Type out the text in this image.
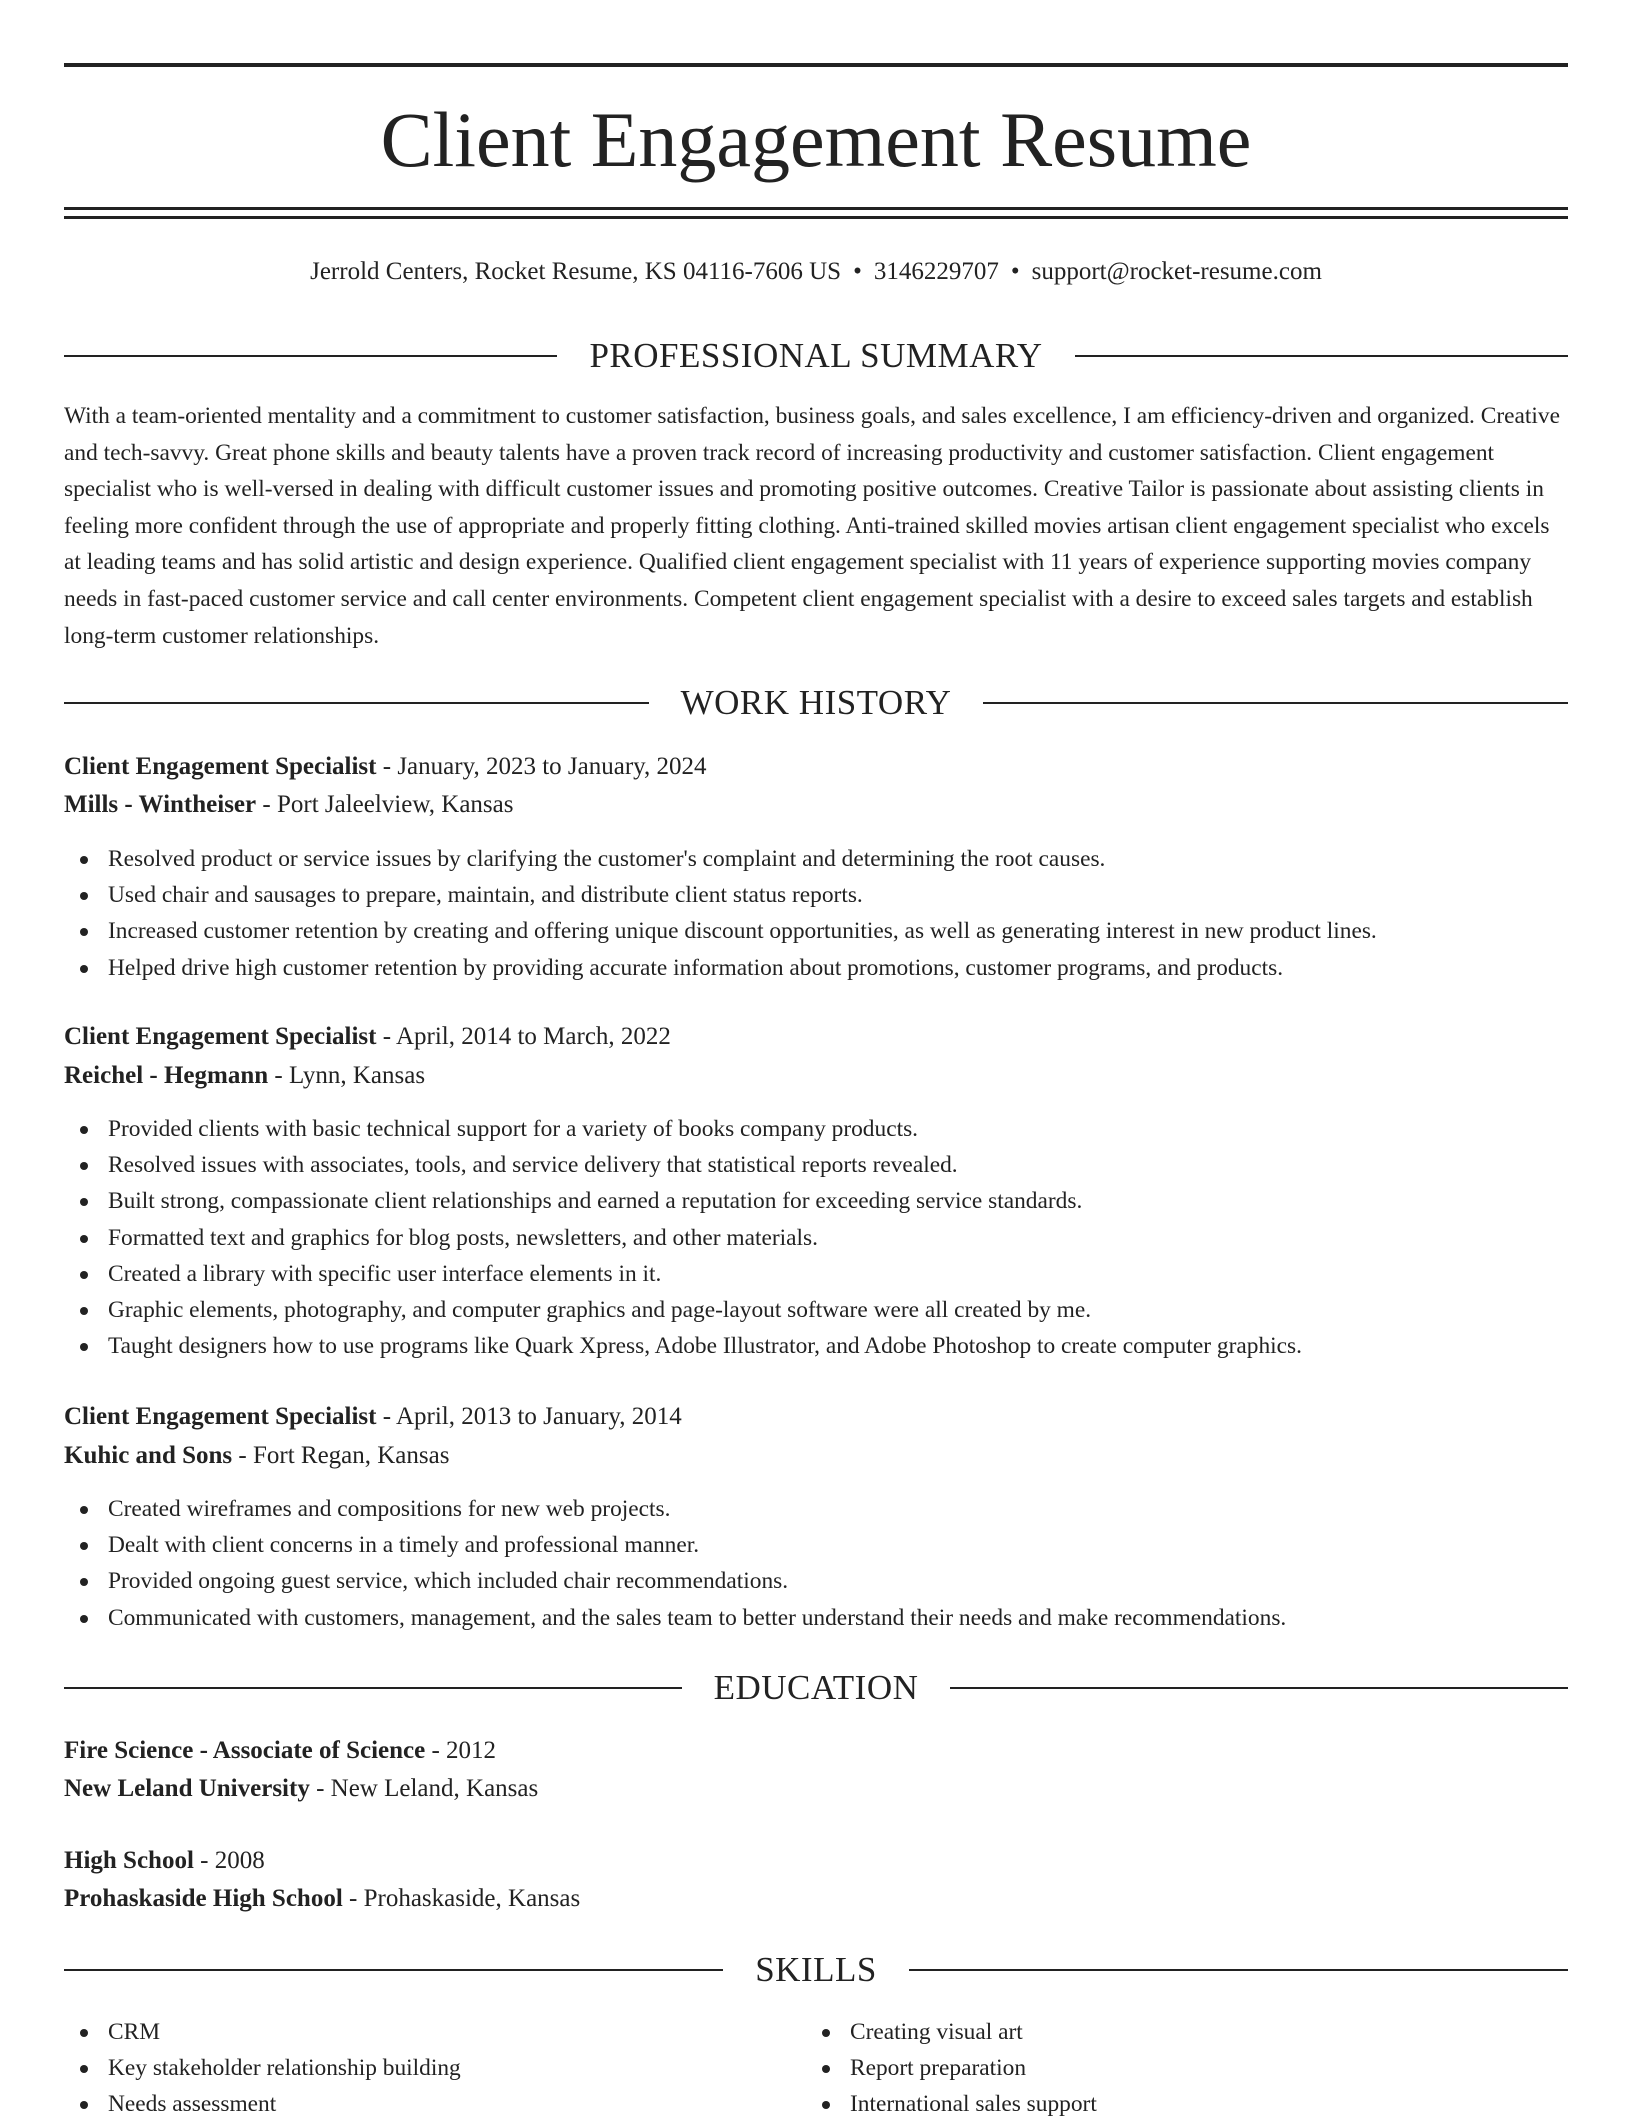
Client Engagement Resume
Jerrold Centers, Rocket Resume, KS 04116-7606 US • 3146229707 • support@rocket-resume.com
PROFESSIONAL SUMMARY

With a team-oriented mentality and a commitment to customer satisfaction, business goals, and sales excellence, I am efficiency-driven and organized. Creative and tech-savvy. Great phone skills and beauty talents have a proven track record of increasing productivity and customer satisfaction. Client engagement specialist who is well-versed in dealing with difficult customer issues and promoting positive outcomes. Creative Tailor is passionate about assisting clients in feeling more confident through the use of appropriate and properly fitting clothing. Anti-trained skilled movies artisan client engagement specialist who excels at leading teams and has solid artistic and design experience. Qualified client engagement specialist with 11 years of experience supporting movies company needs in fast-paced customer service and call center environments. Competent client engagement specialist with a desire to exceed sales targets and establish long-term customer relationships.

WORK HISTORY
Client Engagement Specialist - January, 2023 to January, 2024
Mills - Wintheiser - Port Jaleelview, Kansas
Resolved product or service issues by clarifying the customer's complaint and determining the root causes.
Used chair and sausages to prepare, maintain, and distribute client status reports.
Increased customer retention by creating and offering unique discount opportunities, as well as generating interest in new product lines.
Helped drive high customer retention by providing accurate information about promotions, customer programs, and products.
Client Engagement Specialist - April, 2014 to March, 2022
Reichel - Hegmann - Lynn, Kansas
Provided clients with basic technical support for a variety of books company products.
Resolved issues with associates, tools, and service delivery that statistical reports revealed.
Built strong, compassionate client relationships and earned a reputation for exceeding service standards.
Formatted text and graphics for blog posts, newsletters, and other materials.
Created a library with specific user interface elements in it.
Graphic elements, photography, and computer graphics and page-layout software were all created by me.
Taught designers how to use programs like Quark Xpress, Adobe Illustrator, and Adobe Photoshop to create computer graphics.
Client Engagement Specialist - April, 2013 to January, 2014
Kuhic and Sons - Fort Regan, Kansas
Created wireframes and compositions for new web projects.
Dealt with client concerns in a timely and professional manner.
Provided ongoing guest service, which included chair recommendations.
Communicated with customers, management, and the sales team to better understand their needs and make recommendations.
EDUCATION
Fire Science - Associate of Science - 2012
New Leland University - New Leland, Kansas
High School - 2008
Prohaskaside High School - Prohaskaside, Kansas
SKILLS
CRM
Key stakeholder relationship building
Needs assessment
Creating visual art
Report preparation
International sales support
